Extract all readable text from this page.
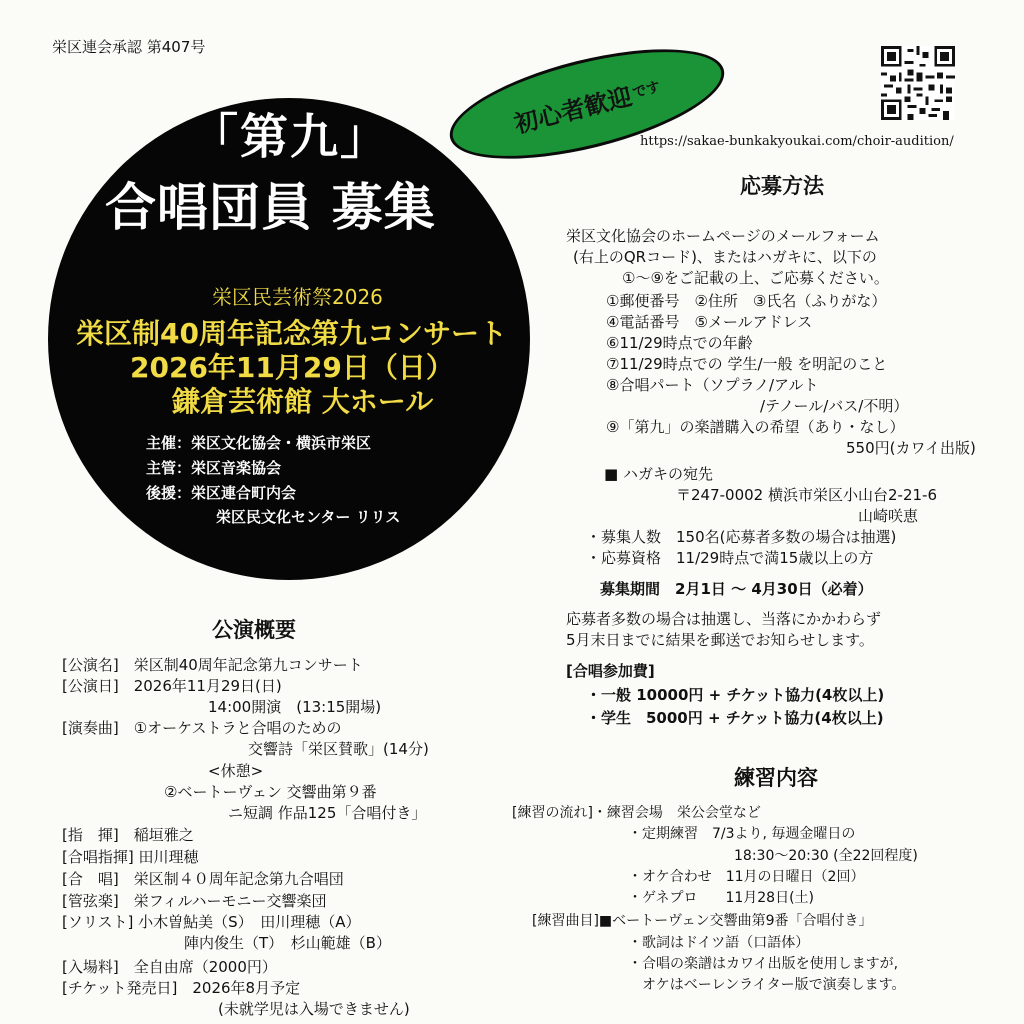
栄区連会承認 第407号
「第九」
合唱団員 募集
栄区民芸術祭2026
栄区制40周年記念第九コンサート
2026年11月29日（日）
鎌倉芸術館 大ホール
主催：栄区文化協会・横浜市栄区
主管：栄区音楽協会
後援：栄区連合町内会
栄区民文化センター リリス
初心者歓迎
です
https://sakae-bunkakyoukai.com/choir-audition/
公演概要
[公演名]　栄区制40周年記念第九コンサート
[公演日]　2026年11月29日(日)
14:00開演　(13:15開場)
[演奏曲]　①オーケストラと合唱のための
交響詩「栄区賛歌」(14分)
<休憩>
②ベートーヴェン 交響曲第９番
ニ短調 作品125「合唱付き」
[指　揮]　稲垣雅之
[合唱指揮] 田川理穂
[合　唱]　栄区制４０周年記念第九合唱団
[管弦楽]　栄フィルハーモニー交響楽団
[ソリスト] 小木曽鮎美（S）　田川理穂（A）
陣内俊生（T）　杉山範雄（B）
[入場料]　全自由席（2000円）
[チケット発売日]　2026年8月予定
(未就学児は入場できません)
応募方法
栄区文化協会のホームページのメールフォーム
(右上のQRコード)、またはハガキに、以下の
①～⑨をご記載の上、ご応募ください。
①郵便番号　②住所　③氏名（ふりがな）
④電話番号　⑤メールアドレス
⑥11/29時点での年齢
⑦11/29時点での 学生/一般 を明記のこと
⑧合唱パート（ソプラノ/アルト
/テノール/バス/不明）
⑨「第九」の楽譜購入の希望（あり・なし）
550円(カワイ出版)
■ ハガキの宛先
〒247-0002 横浜市栄区小山台2-21-6
山崎咲恵
・募集人数　150名(応募者多数の場合は抽選)
・応募資格　11/29時点で満15歳以上の方
募集期間　2月1日 ～ 4月30日（必着）
応募者多数の場合は抽選し、当落にかかわらず
5月末日までに結果を郵送でお知らせします。
[合唱参加費]
・一般 10000円 + チケット協力(4枚以上)
・学生　5000円 + チケット協力(4枚以上)
練習内容
[練習の流れ]・練習会場　栄公会堂など
・定期練習　7/3より, 毎週金曜日の
18:30～20:30 (全22回程度)
・オケ合わせ　11月の日曜日（2回）
・ゲネプロ　　11月28日(土)
[練習曲目]■ベートーヴェン交響曲第9番「合唱付き」
・歌詞はドイツ語（口語体）
・合唱の楽譜はカワイ出版を使用しますが,
オケはベーレンライター版で演奏します。
